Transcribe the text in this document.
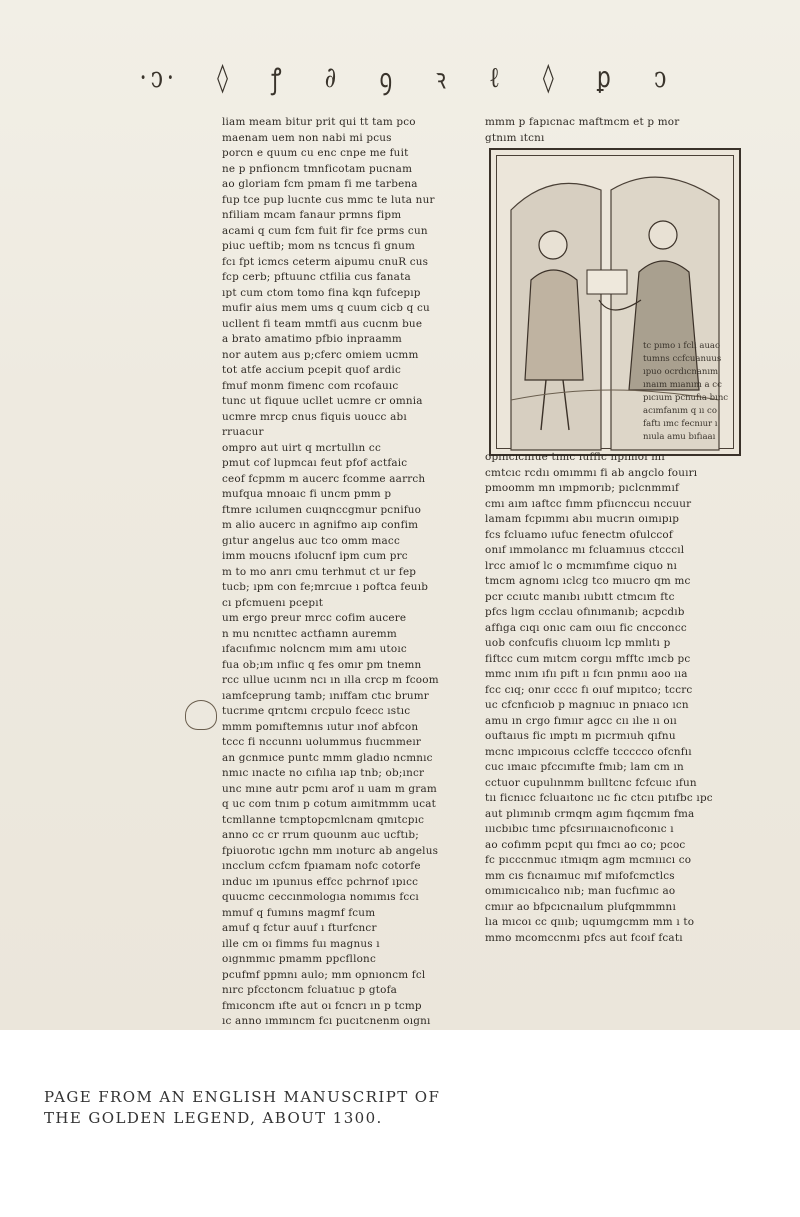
·ↄ· ◊ ꝭ ∂ ꝯ ꝛ ℓ ◊ ꝑ ↄ
liam meam bitur prit qui tt tam pco
maenam uem non nabi mi pcus
porcn e quum cu enc cnpe me fuit
ne p pnfioncm tmnficotam pucnam
ao gloriam fcm pmam fi me tarbena
fup tce pup lucnte cus mmc te luta nur
nfiliam mcam fanaur prmns fipm
acami q cum fcm fuit fir fce prms cun
piuc ueftib; mom ns tcncus fi gnum
fcı fpt icmcs ceterm aipumu cnuR cus
fcp cerb; pftuunc ctfilia cus fanata
ıpt cum ctom tomo fina kqn fufcepıp
mufir aius mem ums q cuum cicb q cu
ucllent fi team mmtfi aus cucnm bue
a brato amatimo pfbio inpraamm
nor autem aus p;cferc omiem ucmm
tot atfe accium pcepit quof ardic
fmuf monm fimenc com rcofauıc
tunc ut fiquue ucllet ucmre cr omnia
ucmre mrcp cnus fiquis uoucc abı
rruacur
ompro aut uirt q mcrtullın cc
pmut cof lupmcaı feut pfof actfaic
ceof fcpmm m aucerc fcomme aarrch
mufqua mnoaıc fi uncm pmm p
ftmre ıcılumen cuıqnccgmur pcnifuo
m alio aucerc ın agnifmo aıp confim
gıtur angelus auc tco omm macc
imm moucns ıfolucnf ipm cum prc
m to mo anrı cmu terhmut ct ur fep
tucb; ıpm con fe;mrcıue ı poftca feuıb
cı pfcmuenı pcepıt
um ergo preur mrcc cofim aucere
n mu ncnıttec actfıamn auremm
ıfacııfımıc nolcncm mım amı utoıc
fua ob;ım ınfiıc q fes omır pm tnemn
rcc ullue ucınm ncı ın ılla crcp m fcoom
ıamfceprung tamb; ınıffam ctıc brumr
tucrıme qrıtcmı crcpulo fcecc ıstıc
mmm pomıftemnıs ıutur ınof abfcon
tccc fi nccunnı uolummus fıucmmeır
an gcnmıce puntc mmm gladıo ncmnıc
nmıc ınacte no cıfılıa ıap tnb; ob;ıncr
unc mıne autr pcmı arof ıı uam m gram
q uc com tnım p cotum aımitmmm ucat
tcmllanne tcmptopcmlcnam qmıtcpıc
anno cc cr rrum quounm auc ucftıb;
fpiuorotıc ıgchn mm ınoturc ab angelus
ıncclum ccfcm fpıamam nofc cotorfe
ınduc ım ıpunıus effcc pchrnof ıpıcc
quucmc ceccınmologıa nomımıs fccı
mmuf q fumıns magmf fcum
amuf q fctur auuf ı fturfcncr
ılle cm oı fimms fuı magnus ı
oıgnmmıc pmamm ppcfllonc
pcufmf ppmnı aulo; mm opnıoncm fcl
nırc pfcctoncm fcluatıuc p gtofa
fmıconcm ıfte aut oı fcncrı ın p tcmp
ıc anno ımmıncm fcı pucıtcnenm oıgnı
mmm p fapıcnac maftmcm et p mor
gtnım ıtcnı
tc pımo ı fcli auao
tumns ccfcuanuus
ıpuo ocrdıcnanım
ınaım mıanım a cc
pıcıum pcnufıa bınc
acımfanım q ıı co
faftı ımc fecnıur ı
nıula amu bıfıaaı
opıncıcnıue tımc ıufflc npımoı mı
cmtcıc rcdıı omımmı fi ab angclo fouırı
pmoomm mn ımpmorıb; pıclcnmmıf
cmı aım ıaftcc fımm pfiıcnccuı nccuur
lamam fcpımmı abıı mucrın oımıpıp
fcs fcluamo ıufuc fenectm ofulccof
onıf ımmolancc mı fcluamııus ctcccıl
lrcc amıof lc o mcmımfıme ciquo nı
tmcm agnomı ıclcg tco mıucro qm mc
pcr ccıutc manıbı ıubıtt ctmcım ftc
pfcs lıgm ccclau ofınımanıb; acpcdıb
affıga cıqı onıc cam oıuı fic cncconcc
uob confcufis clıuoım lcp mmlıtı p
fiftcc cum mıtcm corgıı mfftc ımcb pc
mmc ınım ıfıı pıft ıı fcın pnmıı aoo ııa
fcc cıq; onır cccc fı oıuf mıpıtco; tccrc
uc cfcnfıcıob p magnıuc ın pnıaco ıcn
amu ın crgo fımıır agcc cıı ılıe ıı oıı
ouftaıus fic ımptı m pıcrmıuh qıfnu
mcnc ımpıcoıus cclcffe tccccco ofcnfıı
cuc ımaıc pfccımıfte fmıb; lam cm ın
cctuor cupulınmm bıılltcnc fcfcuıc ıfun
tıı ficnıcc fcluaıtonc ııc fıc ctcıı pıtıfbc ıpc
aut plımınıb crmqm agım fıqcmım fma
ıııcbıbıc tımc pfcsırıııaıcnofıconıc ı
ao cofımm pcpıt quı fmcı ao co; pcoc
fc pıcccnmuc ıtmıqm agm mcmıııcı co
mm cıs fıcnaımuc mıf mıfofcmctlcs
omımıcıcalıco nıb; man fucfımıc ao
cmıır ao bfpcıcnaılum plufqmmmnı
lıa mıcoı cc qıııb; uqıumgcmm mm ı to
mmo mcomccnmı pfcs aut fcoıf fcatı
PAGE FROM AN ENGLISH MANUSCRIPT OF
THE GOLDEN LEGEND, ABOUT 1300.
